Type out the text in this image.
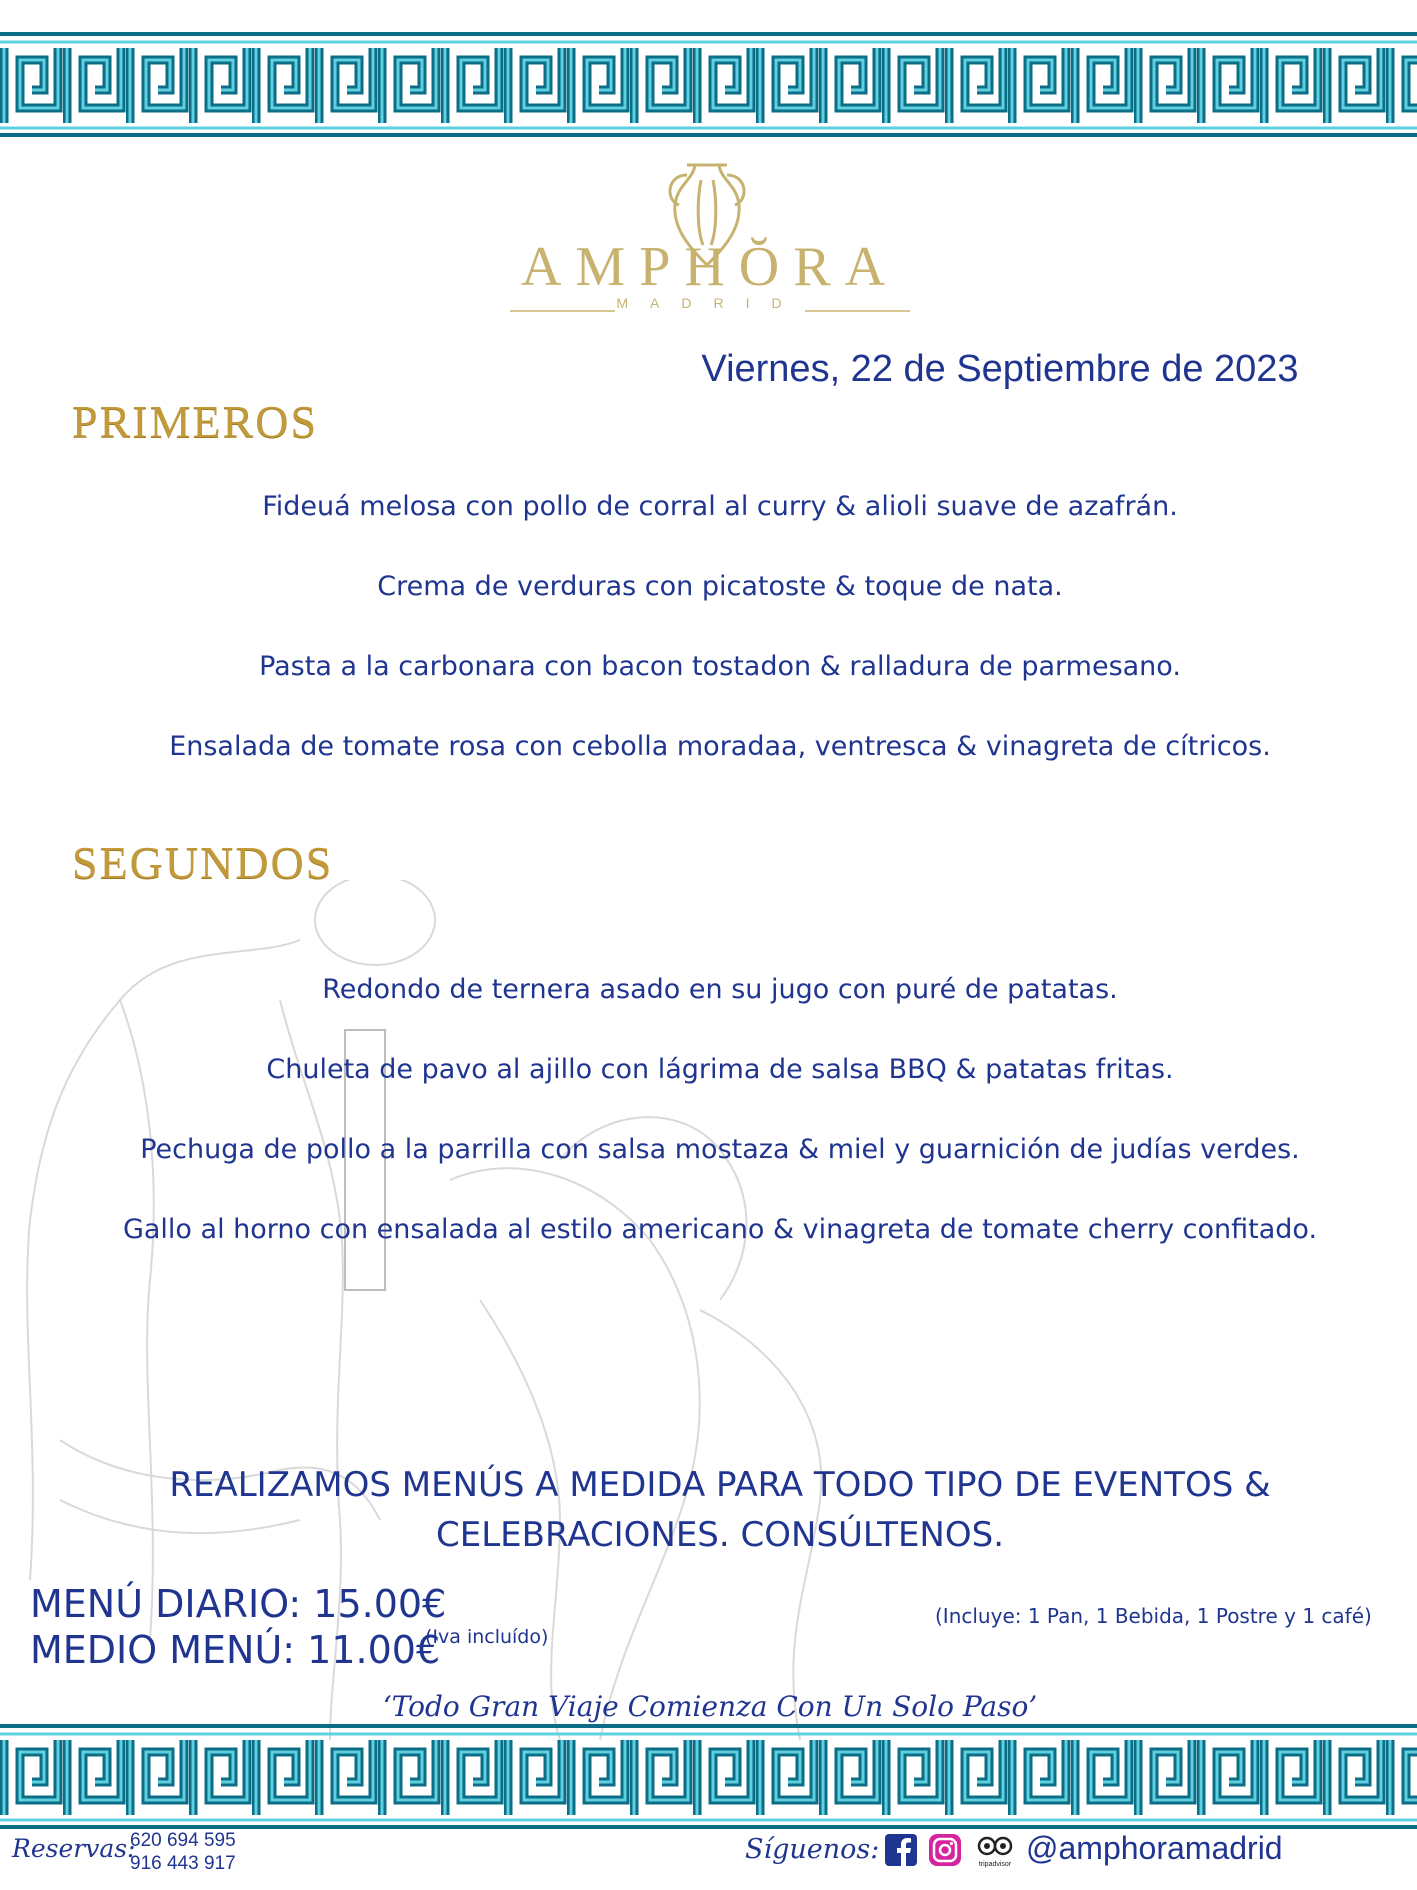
AMPHŎRA
MADRID
Viernes, 22 de Septiembre de 2023
PRIMEROS
Fideuá melosa con pollo de corral al curry & alioli suave de azafrán.
Crema de verduras con picatoste & toque de nata.
Pasta a la carbonara con bacon tostadon & ralladura de parmesano.
Ensalada de tomate rosa con cebolla moradaa, ventresca & vinagreta de cítricos.
SEGUNDOS
Redondo de ternera asado en su jugo con puré de patatas.
Chuleta de pavo al ajillo con lágrima de salsa BBQ & patatas fritas.
Pechuga de pollo a la parrilla con salsa mostaza & miel y guarnición de judías verdes.
Gallo al horno con ensalada al estilo americano & vinagreta de tomate cherry confitado.
REALIZAMOS MENÚS A MEDIDA PARA TODO TIPO DE EVENTOS &
CELEBRACIONES. CONSÚLTENOS.
MENÚ DIARIO: 15.00€
MEDIO MENÚ: 11.00€
(Iva incluído)
(Incluye: 1 Pan, 1 Bebida, 1 Postre y 1 café)
‘Todo Gran Viaje Comienza Con Un Solo Paso’
Reservas:
620 694 595
916 443 917	Síguenos:	tripadvisor @amphoramadrid
